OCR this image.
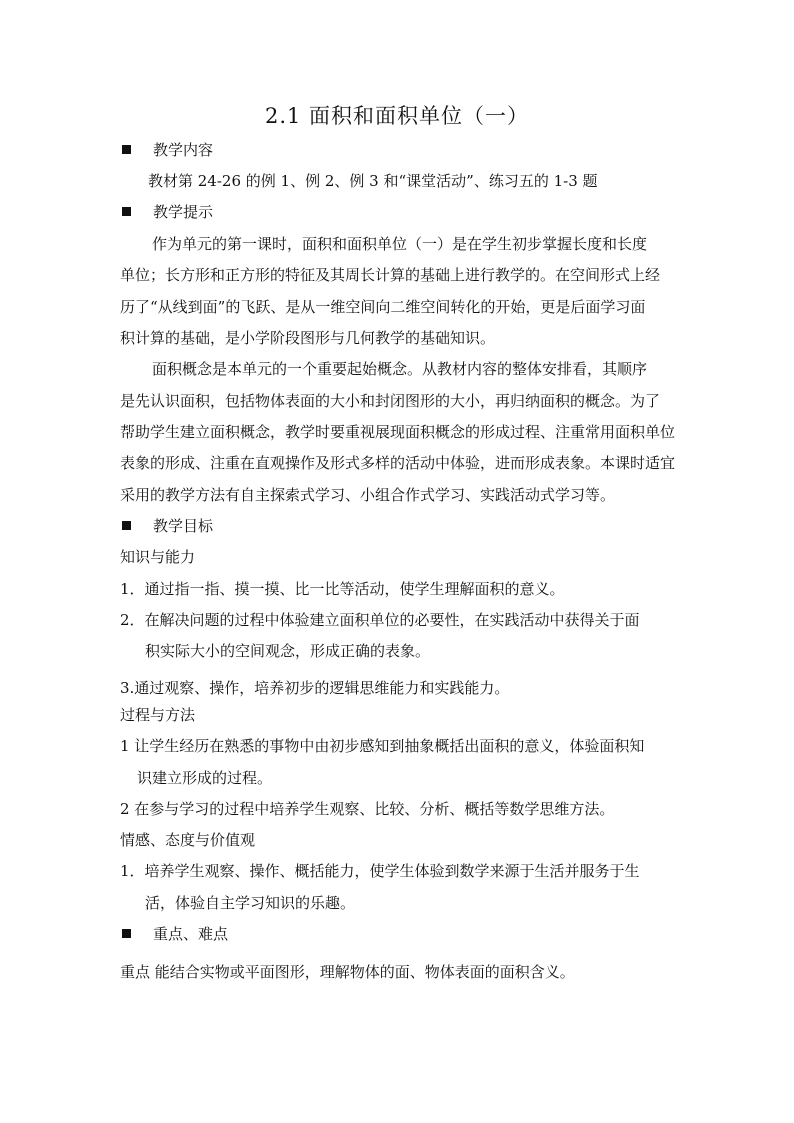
2.1 面积和面积单位（一）
教学内容
教材第 24-26 的例 1、例 2、例 3 和“课堂活动”、练习五的 1-3 题
教学提示
作为单元的第一课时，面积和面积单位（一）是在学生初步掌握长度和长度
单位；长方形和正方形的特征及其周长计算的基础上进行教学的。在空间形式上经
历了“从线到面”的飞跃、是从一维空间向二维空间转化的开始，更是后面学习面
积计算的基础，是小学阶段图形与几何教学的基础知识。
面积概念是本单元的一个重要起始概念。从教材内容的整体安排看，其顺序
是先认识面积，包括物体表面的大小和封闭图形的大小，再归纳面积的概念。为了
帮助学生建立面积概念，教学时要重视展现面积概念的形成过程、注重常用面积单位
表象的形成、注重在直观操作及形式多样的活动中体验，进而形成表象。本课时适宜
采用的教学方法有自主探索式学习、小组合作式学习、实践活动式学习等。
教学目标
知识与能力
1．通过指一指、摸一摸、比一比等活动，使学生理解面积的意义。
2．在解决问题的过程中体验建立面积单位的必要性，在实践活动中获得关于面
积实际大小的空间观念，形成正确的表象。
3.通过观察、操作，培养初步的逻辑思维能力和实践能力。
过程与方法
1 让学生经历在熟悉的事物中由初步感知到抽象概括出面积的意义，体验面积知
识建立形成的过程。
2 在参与学习的过程中培养学生观察、比较、分析、概括等数学思维方法。
情感、态度与价值观
1．培养学生观察、操作、概括能力，使学生体验到数学来源于生活并服务于生
活，体验自主学习知识的乐趣。
重点、难点
重点 能结合实物或平面图形，理解物体的面、物体表面的面积含义。
